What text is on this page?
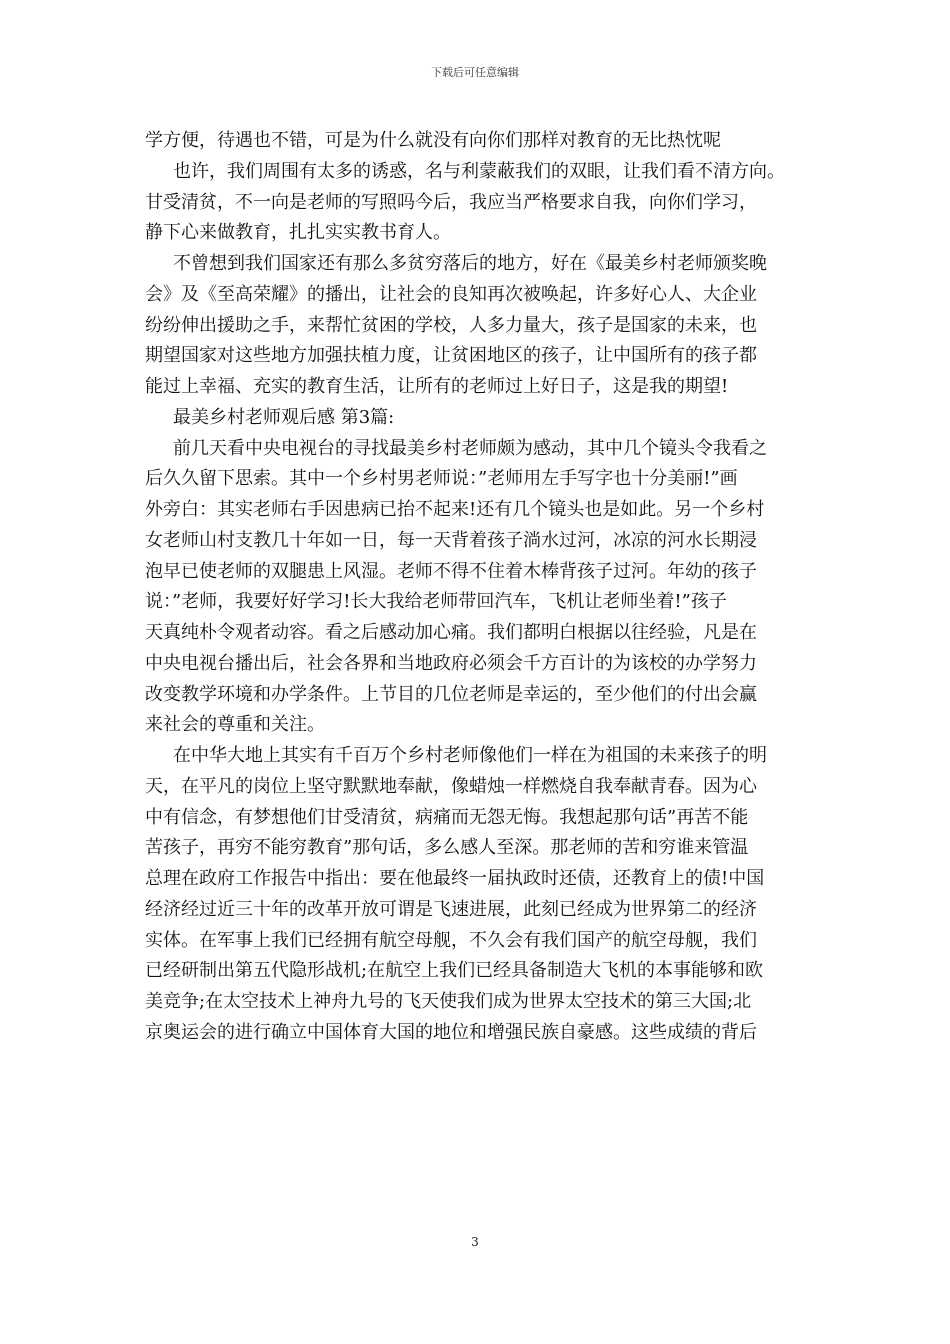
下载后可任意编辑
学方便，待遇也不错，可是为什么就没有向你们那样对教育的无比热忱呢
也许，我们周围有太多的诱惑，名与利蒙蔽我们的双眼，让我们看不清方向。
甘受清贫，不一向是老师的写照吗今后，我应当严格要求自我，向你们学习，
静下心来做教育，扎扎实实教书育人。
不曾想到我们国家还有那么多贫穷落后的地方，好在《最美乡村老师颁奖晚
会》及《至高荣耀》的播出，让社会的良知再次被唤起，许多好心人、大企业
纷纷伸出援助之手，来帮忙贫困的学校，人多力量大，孩子是国家的未来，也
期望国家对这些地方加强扶植力度，让贫困地区的孩子，让中国所有的孩子都
能过上幸福、充实的教育生活，让所有的老师过上好日子，这是我的期望!
最美乡村老师观后感 第3篇:
前几天看中央电视台的寻找最美乡村老师颇为感动，其中几个镜头令我看之
后久久留下思索。其中一个乡村男老师说：”老师用左手写字也十分美丽!”画
外旁白：其实老师右手因患病已抬不起来!还有几个镜头也是如此。另一个乡村
女老师山村支教几十年如一日，每一天背着孩子淌水过河，冰凉的河水长期浸
泡早已使老师的双腿患上风湿。老师不得不住着木棒背孩子过河。年幼的孩子
说：”老师，我要好好学习!长大我给老师带回汽车，飞机让老师坐着!”孩子
天真纯朴令观者动容。看之后感动加心痛。我们都明白根据以往经验，凡是在
中央电视台播出后，社会各界和当地政府必须会千方百计的为该校的办学努力
改变教学环境和办学条件。上节目的几位老师是幸运的，至少他们的付出会赢
来社会的尊重和关注。
在中华大地上其实有千百万个乡村老师像他们一样在为祖国的未来孩子的明
天，在平凡的岗位上坚守默默地奉献，像蜡烛一样燃烧自我奉献青春。因为心
中有信念，有梦想他们甘受清贫，病痛而无怨无悔。我想起那句话”再苦不能
苦孩子，再穷不能穷教育”那句话，多么感人至深。那老师的苦和穷谁来管温
总理在政府工作报告中指出：要在他最终一届执政时还债，还教育上的债!中国
经济经过近三十年的改革开放可谓是飞速进展，此刻已经成为世界第二的经济
实体。在军事上我们已经拥有航空母舰，不久会有我们国产的航空母舰，我们
已经研制出第五代隐形战机;在航空上我们已经具备制造大飞机的本事能够和欧
美竞争;在太空技术上神舟九号的飞天使我们成为世界太空技术的第三大国;北
京奥运会的进行确立中国体育大国的地位和增强民族自豪感。这些成绩的背后
3
